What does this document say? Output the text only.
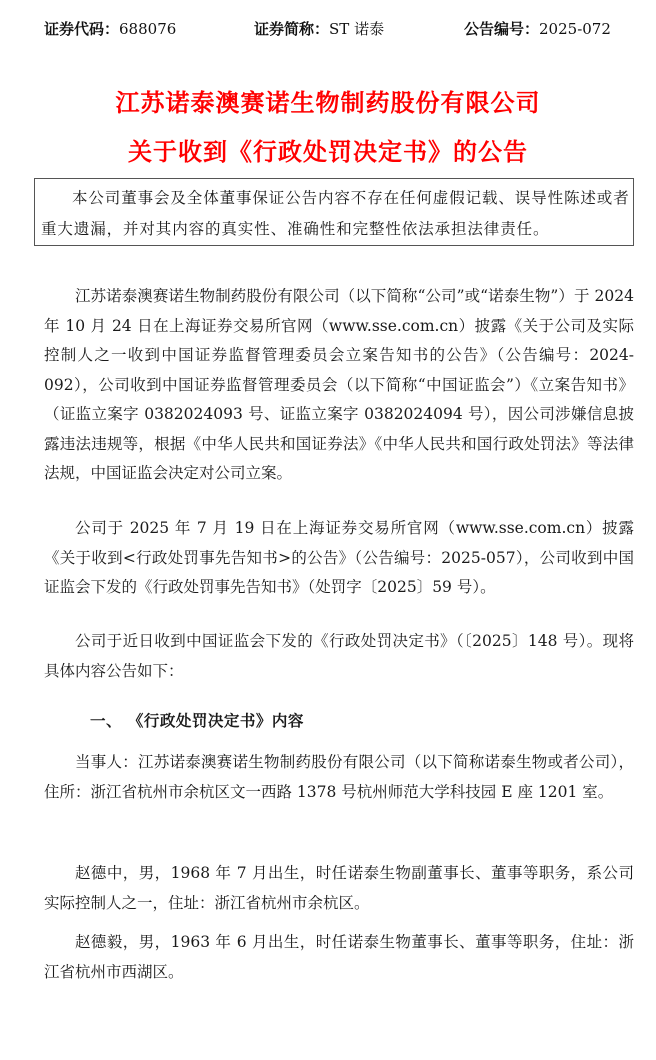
证券代码：688076	证券简称：ST 诺泰	公告编号：2025-072
江苏诺泰澳赛诺生物制药股份有限公司
关于收到《行政处罚决定书》的公告

本公司董事会及全体董事保证公告内容不存在任何虚假记载、误导性陈述或者重大遗漏，并对其内容的真实性、准确性和完整性依法承担法律责任。

江苏诺泰澳赛诺生物制药股份有限公司（以下简称“公司”或“诺泰生物”）于 2024 年 10 月 24 日在上海证券交易所官网（www.sse.com.cn）披露《关于公司及实际控制人之一收到中国证券监督管理委员会立案告知书的公告》（公告编号：2024-092），公司收到中国证券监督管理委员会（以下简称“中国证监会”）《立案告知书》（证监立案字 0382024093 号、证监立案字 0382024094 号），因公司涉嫌信息披露违法违规等，根据《中华人民共和国证券法》《中华人民共和国行政处罚法》等法律法规，中国证监会决定对公司立案。

公司于 2025 年 7 月 19 日在上海证券交易所官网（www.sse.com.cn）披露《关于收到<行政处罚事先告知书>的公告》（公告编号：2025-057），公司收到中国证监会下发的《行政处罚事先告知书》（处罚字〔2025〕59 号）。

公司于近日收到中国证监会下发的《行政处罚决定书》（〔2025〕148 号）。现将具体内容公告如下：

一、 《行政处罚决定书》内容

当事人：江苏诺泰澳赛诺生物制药股份有限公司（以下简称诺泰生物或者公司），住所：浙江省杭州市余杭区文一西路 1378 号杭州师范大学科技园 E 座 1201 室。

赵德中，男，1968 年 7 月出生，时任诺泰生物副董事长、董事等职务，系公司实际控制人之一，住址：浙江省杭州市余杭区。

赵德毅，男，1963 年 6 月出生，时任诺泰生物董事长、董事等职务，住址：浙江省杭州市西湖区。
